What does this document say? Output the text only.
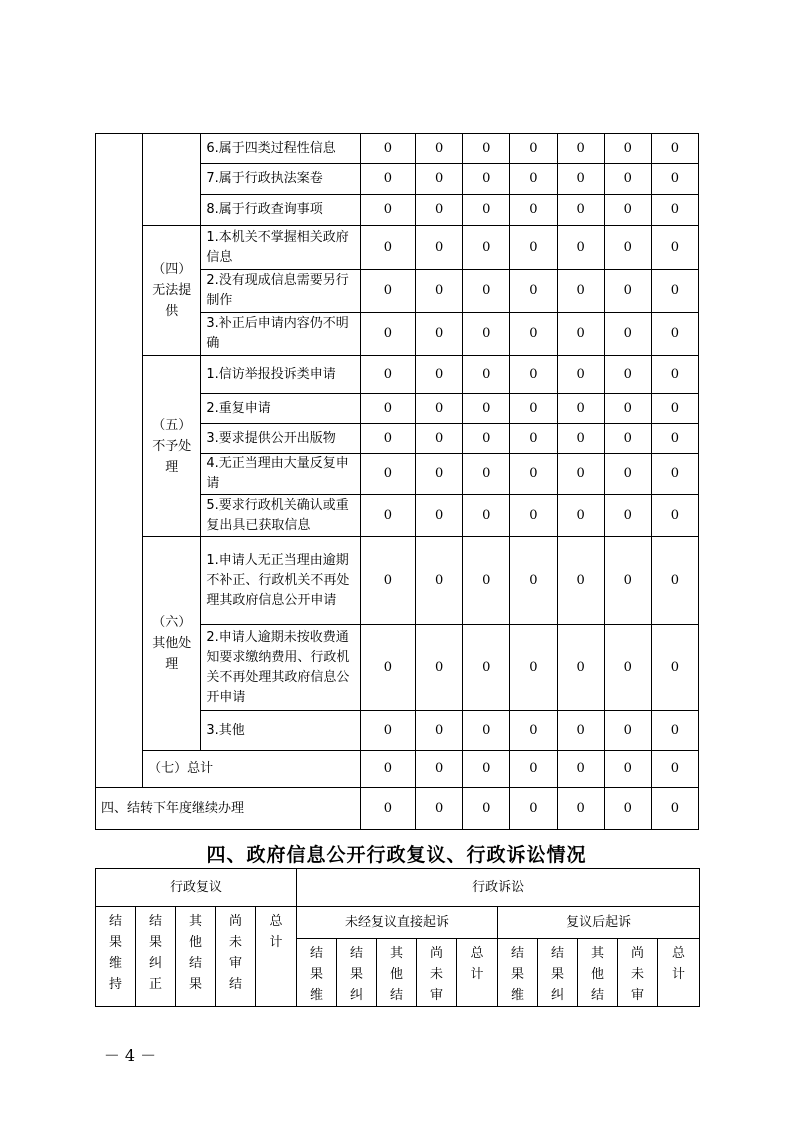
		6.属于四类过程性信息	0	0	0	0	0	0	0
		7.属于行政执法案卷	0	0	0	0	0	0	0
		8.属于行政查询事项	0	0	0	0	0	0	0
	（四）无法提供	1.本机关不掌握相关政府信息	0	0	0	0	0	0	0
		2.没有现成信息需要另行制作	0	0	0	0	0	0	0
		3.补正后申请内容仍不明确	0	0	0	0	0	0	0
	（五）不予处理	1.信访举报投诉类申请	0	0	0	0	0	0	0
		2.重复申请	0	0	0	0	0	0	0
		3.要求提供公开出版物	0	0	0	0	0	0	0
		4.无正当理由大量反复申请	0	0	0	0	0	0	0
		5.要求行政机关确认或重复出具已获取信息	0	0	0	0	0	0	0
	（六）其他处理	1.申请人无正当理由逾期不补正、行政机关不再处理其政府信息公开申请	0	0	0	0	0	0	0
		2.申请人逾期未按收费通知要求缴纳费用、行政机关不再处理其政府信息公开申请	0	0	0	0	0	0	0
		3.其他	0	0	0	0	0	0	0
	（七）总计		0	0	0	0	0	0	0
四、结转下年度继续办理			0	0	0	0	0	0	0
四、政府信息公开行政复议、行政诉讼情况
行政复议					行政诉讼									
结果维持	结果纠正	其他结果	尚未审结	总计	未经复议直接起诉					复议后起诉				
					结果维	结果纠	其他结	尚未审	总计	结果维	结果纠	其他结	尚未审	总计
－ 4 －
